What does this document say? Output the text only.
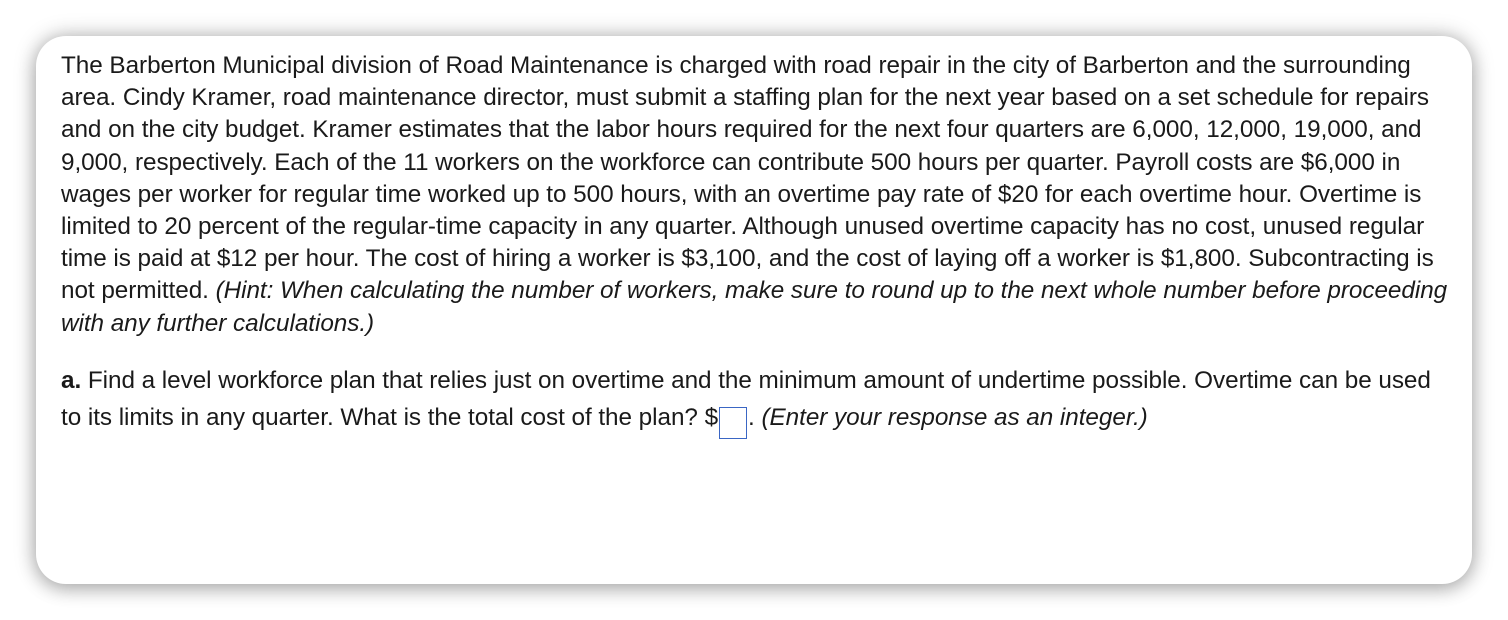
The Barberton Municipal division of Road Maintenance is charged with road repair in the city of Barberton and the surrounding area. Cindy Kramer, road maintenance director, must submit a staffing plan for the next year based on a set schedule for repairs and on the city budget. Kramer estimates that the labor hours required for the next four quarters are 6,000, 12,000, 19,000, and 9,000, respectively. Each of the 11 workers on the workforce can contribute 500 hours per quarter. Payroll costs are $6,000 in wages per worker for regular time worked up to 500 hours, with an overtime pay rate of $20 for each overtime hour. Overtime is limited to 20 percent of the regular-time capacity in any quarter. Although unused overtime capacity has no cost, unused regular time is paid at $12 per hour. The cost of hiring a worker is $3,100, and the cost of laying off a worker is $1,800. Subcontracting is not permitted. (Hint: When calculating the number of workers, make sure to round up to the next whole number before proceeding with any further calculations.)

a. Find a level workforce plan that relies just on overtime and the minimum amount of undertime possible. Overtime can be used to its limits in any quarter. What is the total cost of the plan? $ . (Enter your response as an integer.)
